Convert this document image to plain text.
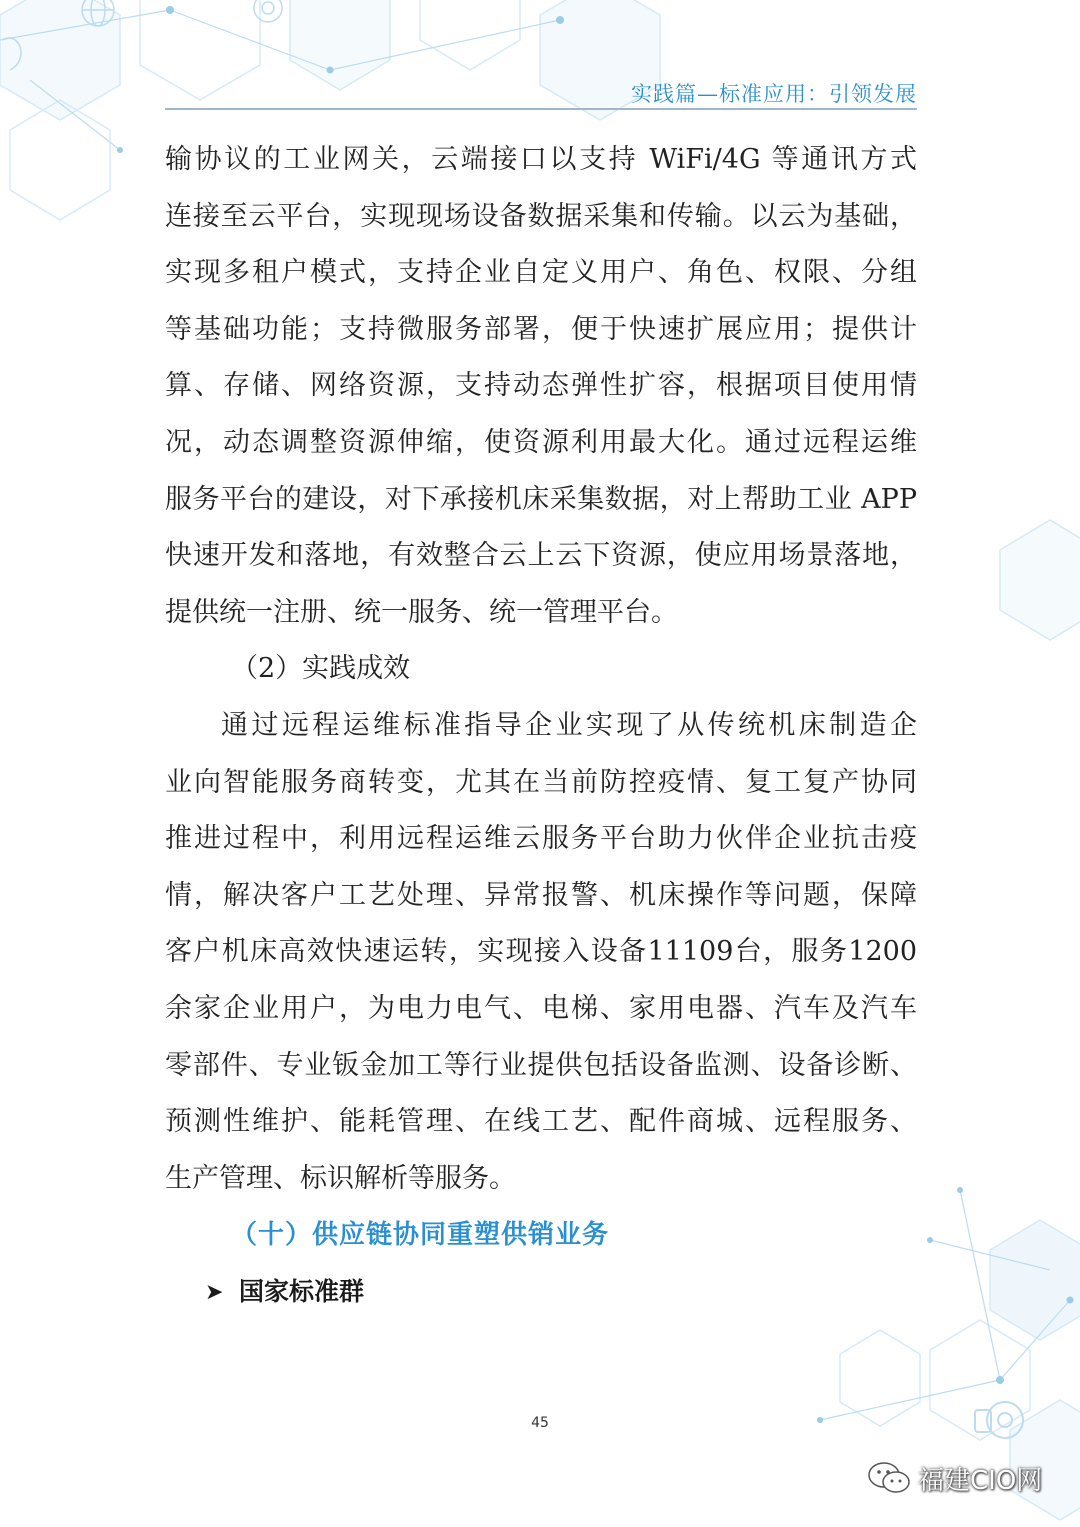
实践篇—标准应用：引领发展
输协议的工业网关，云端接口以支持 WiFi/4G 等通讯方式
连接至云平台，实现现场设备数据采集和传输。以云为基础，
实现多租户模式，支持企业自定义用户、角色、权限、分组
等基础功能；支持微服务部署，便于快速扩展应用；提供计
算、存储、网络资源，支持动态弹性扩容，根据项目使用情
况，动态调整资源伸缩，使资源利用最大化。通过远程运维
服务平台的建设，对下承接机床采集数据，对上帮助工业 APP
快速开发和落地，有效整合云上云下资源，使应用场景落地，
提供统一注册、统一服务、统一管理平台。
（2）实践成效
通过远程运维标准指导企业实现了从传统机床制造企
业向智能服务商转变，尤其在当前防控疫情、复工复产协同
推进过程中，利用远程运维云服务平台助力伙伴企业抗击疫
情，解决客户工艺处理、异常报警、机床操作等问题，保障
客户机床高效快速运转，实现接入设备11109台，服务1200
余家企业用户，为电力电气、电梯、家用电器、汽车及汽车
零部件、专业钣金加工等行业提供包括设备监测、设备诊断、
预测性维护、能耗管理、在线工艺、配件商城、远程服务、
生产管理、标识解析等服务。
（十）供应链协同重塑供销业务
➤ 国家标准群
45
福建CIO网
